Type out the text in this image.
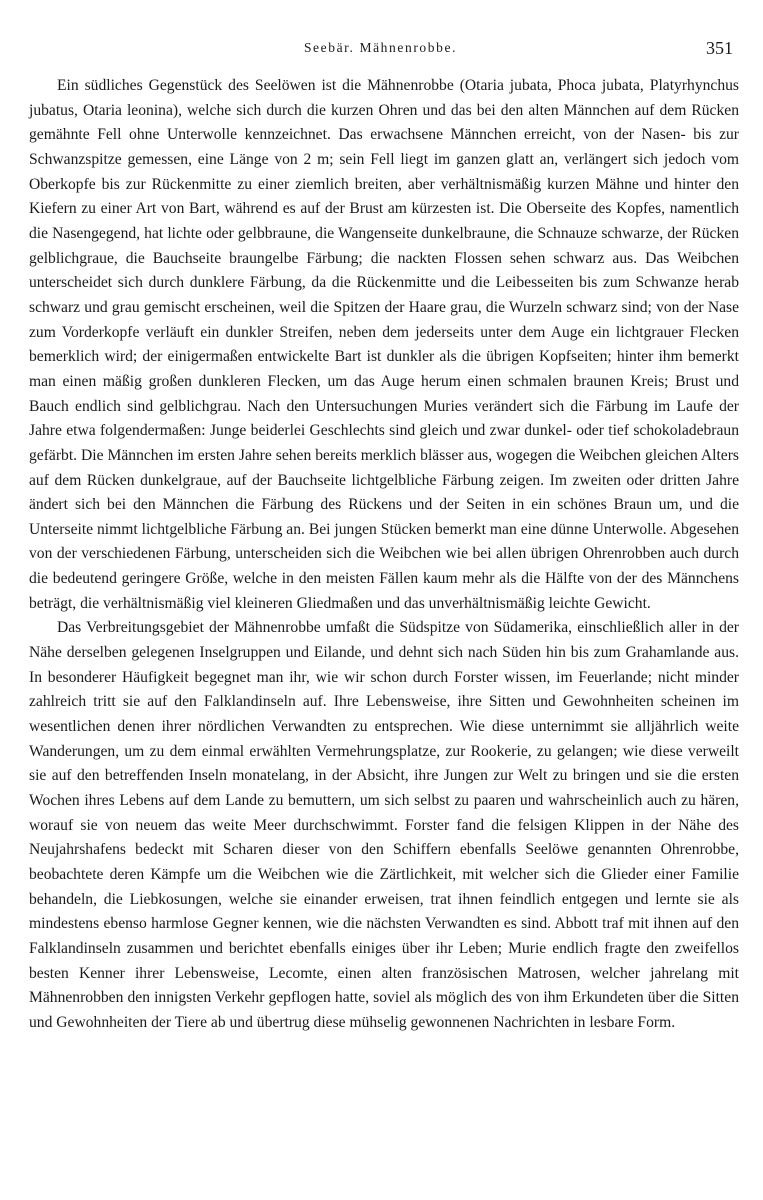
Seebär. Mähnenrobbe.	351

Ein südliches Gegenstück des Seelöwen ist die Mähnenrobbe (Otaria jubata, Phoca jubata, Platyrhynchus jubatus, Otaria leonina), welche sich durch die kurzen Ohren und das bei den alten Männchen auf dem Rücken gemähnte Fell ohne Unterwolle kennzeichnet. Das erwachsene Männchen erreicht, von der Nasen- bis zur Schwanzspitze gemessen, eine Länge von 2 m; sein Fell liegt im ganzen glatt an, verlängert sich jedoch vom Oberkopfe bis zur Rückenmitte zu einer ziemlich breiten, aber verhältnismäßig kurzen Mähne und hinter den Kiefern zu einer Art von Bart, während es auf der Brust am kürzesten ist. Die Oberseite des Kopfes, namentlich die Nasengegend, hat lichte oder gelbbraune, die Wangenseite dunkelbraune, die Schnauze schwarze, der Rücken gelblichgraue, die Bauchseite braungelbe Färbung; die nackten Flossen sehen schwarz aus. Das Weibchen unterscheidet sich durch dunklere Färbung, da die Rückenmitte und die Leibesseiten bis zum Schwanze herab schwarz und grau gemischt erscheinen, weil die Spitzen der Haare grau, die Wurzeln schwarz sind; von der Nase zum Vorderkopfe verläuft ein dunkler Streifen, neben dem jederseits unter dem Auge ein lichtgrauer Flecken bemerklich wird; der einigermaßen entwickelte Bart ist dunkler als die übrigen Kopfseiten; hinter ihm bemerkt man einen mäßig großen dunkleren Flecken, um das Auge herum einen schmalen braunen Kreis; Brust und Bauch endlich sind gelblichgrau. Nach den Untersuchungen Muries verändert sich die Färbung im Laufe der Jahre etwa folgendermaßen: Junge beiderlei Geschlechts sind gleich und zwar dunkel- oder tief schokoladebraun gefärbt. Die Männchen im ersten Jahre sehen bereits merklich blässer aus, wogegen die Weibchen gleichen Alters auf dem Rücken dunkelgraue, auf der Bauchseite lichtgelbliche Färbung zeigen. Im zweiten oder dritten Jahre ändert sich bei den Männchen die Färbung des Rückens und der Seiten in ein schönes Braun um, und die Unterseite nimmt lichtgelbliche Färbung an. Bei jungen Stücken bemerkt man eine dünne Unterwolle. Abgesehen von der verschiedenen Färbung, unterscheiden sich die Weibchen wie bei allen übrigen Ohrenrobben auch durch die bedeutend geringere Größe, welche in den meisten Fällen kaum mehr als die Hälfte von der des Männchens beträgt, die verhältnismäßig viel kleineren Gliedmaßen und das unverhältnismäßig leichte Gewicht.

Das Verbreitungsgebiet der Mähnenrobbe umfaßt die Südspitze von Südamerika, einschließlich aller in der Nähe derselben gelegenen Inselgruppen und Eilande, und dehnt sich nach Süden hin bis zum Grahamlande aus. In besonderer Häufigkeit begegnet man ihr, wie wir schon durch Forster wissen, im Feuerlande; nicht minder zahlreich tritt sie auf den Falklandinseln auf. Ihre Lebensweise, ihre Sitten und Gewohnheiten scheinen im wesentlichen denen ihrer nördlichen Verwandten zu entsprechen. Wie diese unternimmt sie alljährlich weite Wanderungen, um zu dem einmal erwählten Vermehrungsplatze, zur Rookerie, zu gelangen; wie diese verweilt sie auf den betreffenden Inseln monatelang, in der Absicht, ihre Jungen zur Welt zu bringen und sie die ersten Wochen ihres Lebens auf dem Lande zu bemuttern, um sich selbst zu paaren und wahrscheinlich auch zu hären, worauf sie von neuem das weite Meer durchschwimmt. Forster fand die felsigen Klippen in der Nähe des Neujahrshafens bedeckt mit Scharen dieser von den Schiffern ebenfalls Seelöwe genannten Ohrenrobbe, beobachtete deren Kämpfe um die Weibchen wie die Zärtlichkeit, mit welcher sich die Glieder einer Familie behandeln, die Liebkosungen, welche sie einander erweisen, trat ihnen feindlich entgegen und lernte sie als mindestens ebenso harmlose Gegner kennen, wie die nächsten Verwandten es sind. Abbott traf mit ihnen auf den Falklandinseln zusammen und berichtet ebenfalls einiges über ihr Leben; Murie endlich fragte den zweifellos besten Kenner ihrer Lebensweise, Lecomte, einen alten französischen Matrosen, welcher jahrelang mit Mähnenrobben den innigsten Verkehr gepflogen hatte, soviel als möglich des von ihm Erkundeten über die Sitten und Gewohnheiten der Tiere ab und übertrug diese mühselig gewonnenen Nachrichten in lesbare Form.
